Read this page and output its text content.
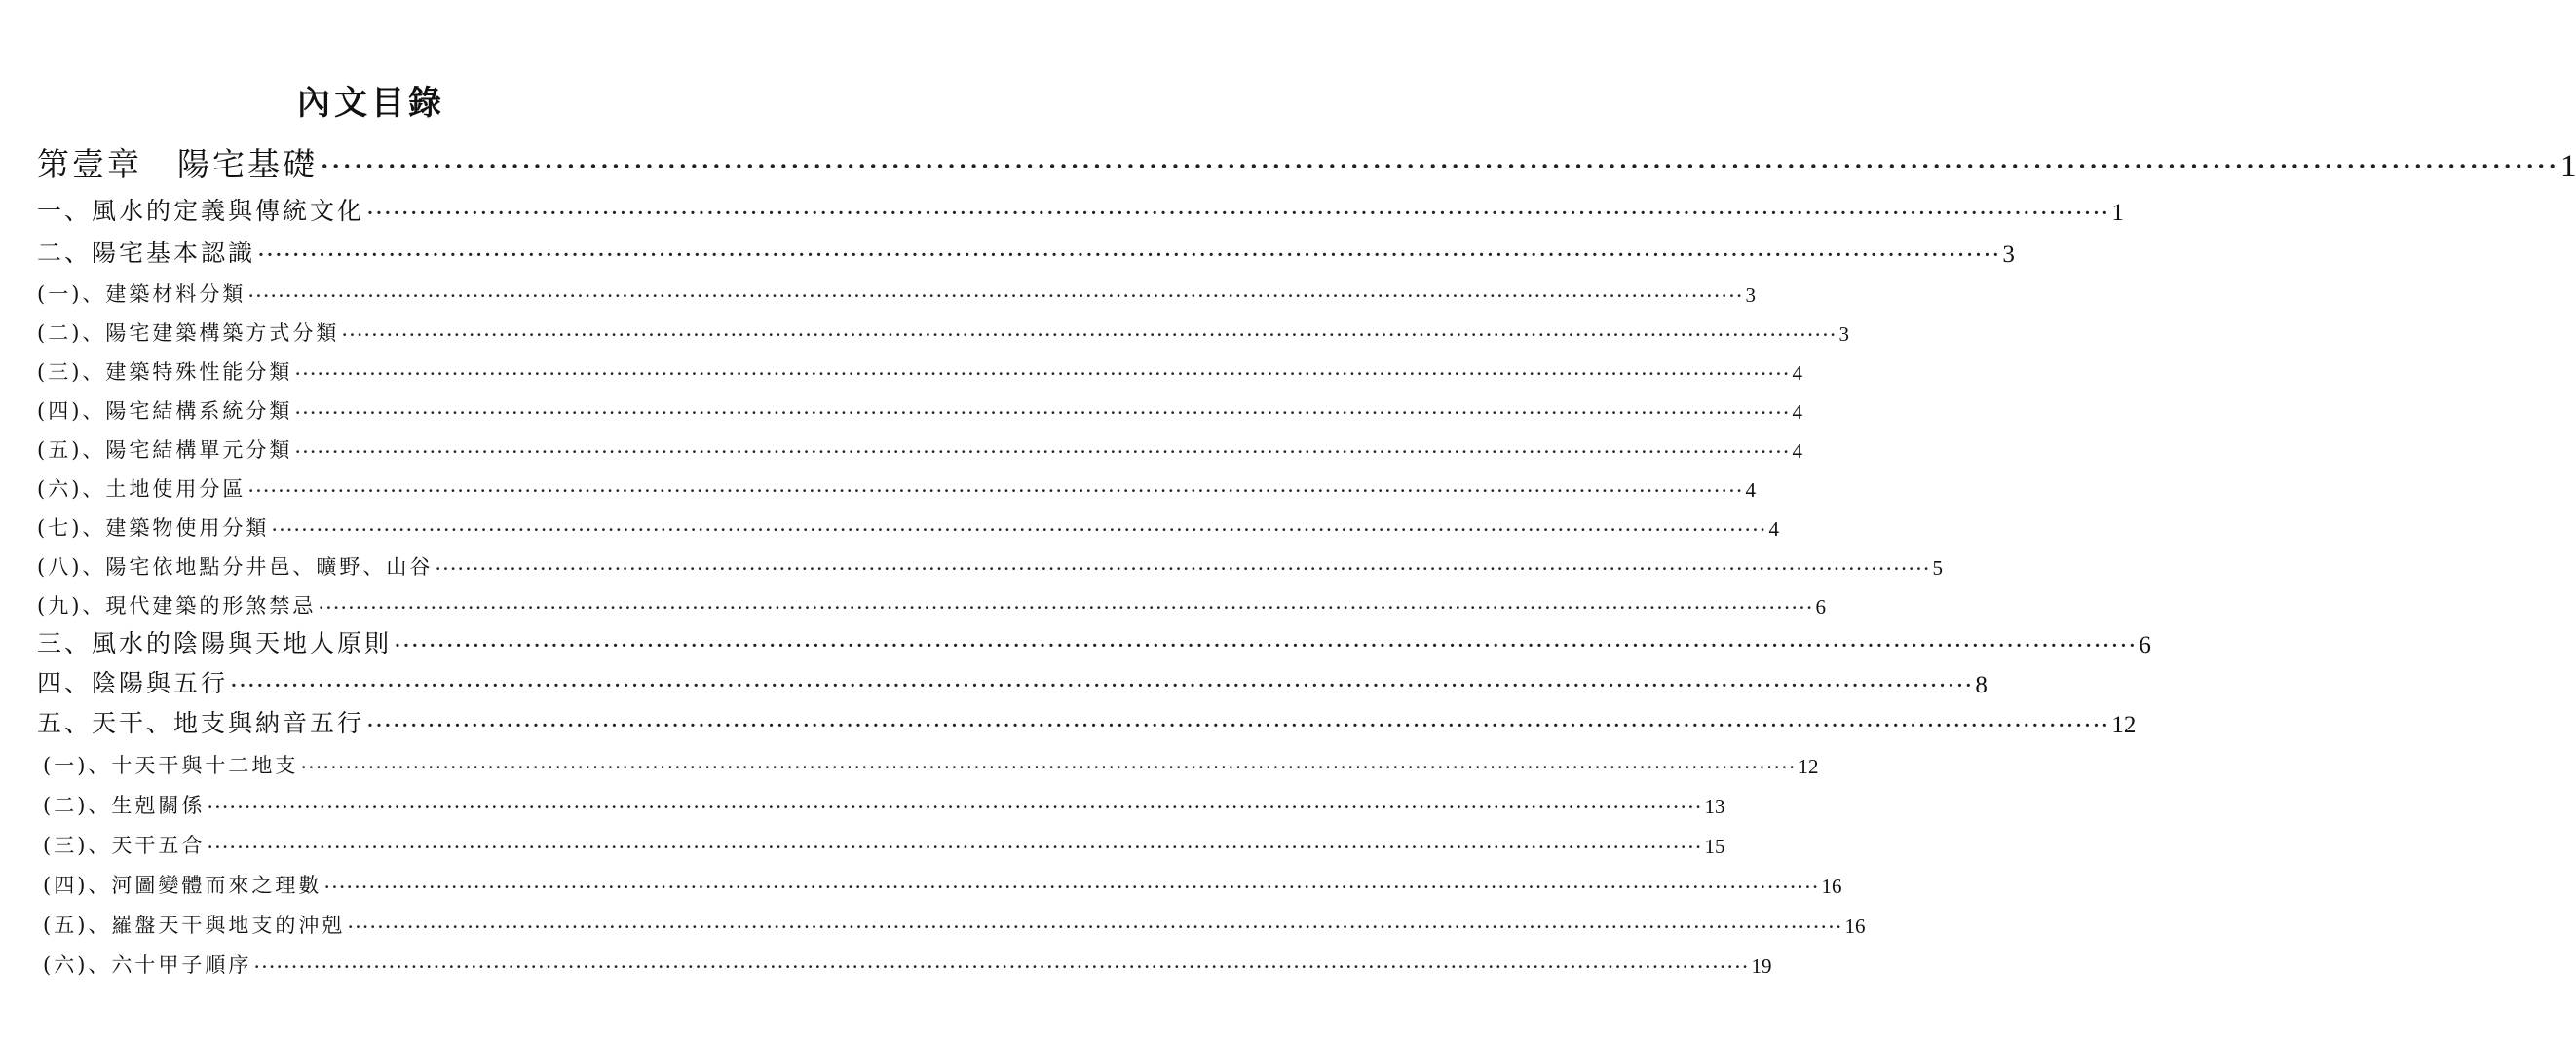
內文目錄
第壹章　陽宅基礎 ········································································································································································································ 1
一、風水的定義與傳統文化 ········································································································································································································ 1
二、陽宅基本認識 ········································································································································································································ 3
(一)、建築材料分類 ········································································································································································································ 3
(二)、陽宅建築構築方式分類 ········································································································································································································ 3
(三)、建築特殊性能分類 ········································································································································································································ 4
(四)、陽宅結構系統分類 ········································································································································································································ 4
(五)、陽宅結構單元分類 ········································································································································································································ 4
(六)、土地使用分區 ········································································································································································································ 4
(七)、建築物使用分類 ········································································································································································································ 4
(八)、陽宅依地點分井邑、曠野、山谷 ········································································································································································································ 5
(九)、現代建築的形煞禁忌 ········································································································································································································ 6
三、風水的陰陽與天地人原則 ········································································································································································································ 6
四、陰陽與五行 ········································································································································································································ 8
五、天干、地支與納音五行 ········································································································································································································ 12
(一)、十天干與十二地支 ········································································································································································································ 12
(二)、生剋關係 ········································································································································································································ 13
(三)、天干五合 ········································································································································································································ 15
(四)、河圖變體而來之理數 ········································································································································································································ 16
(五)、羅盤天干與地支的沖剋 ········································································································································································································ 16
(六)、六十甲子順序 ········································································································································································································ 19
